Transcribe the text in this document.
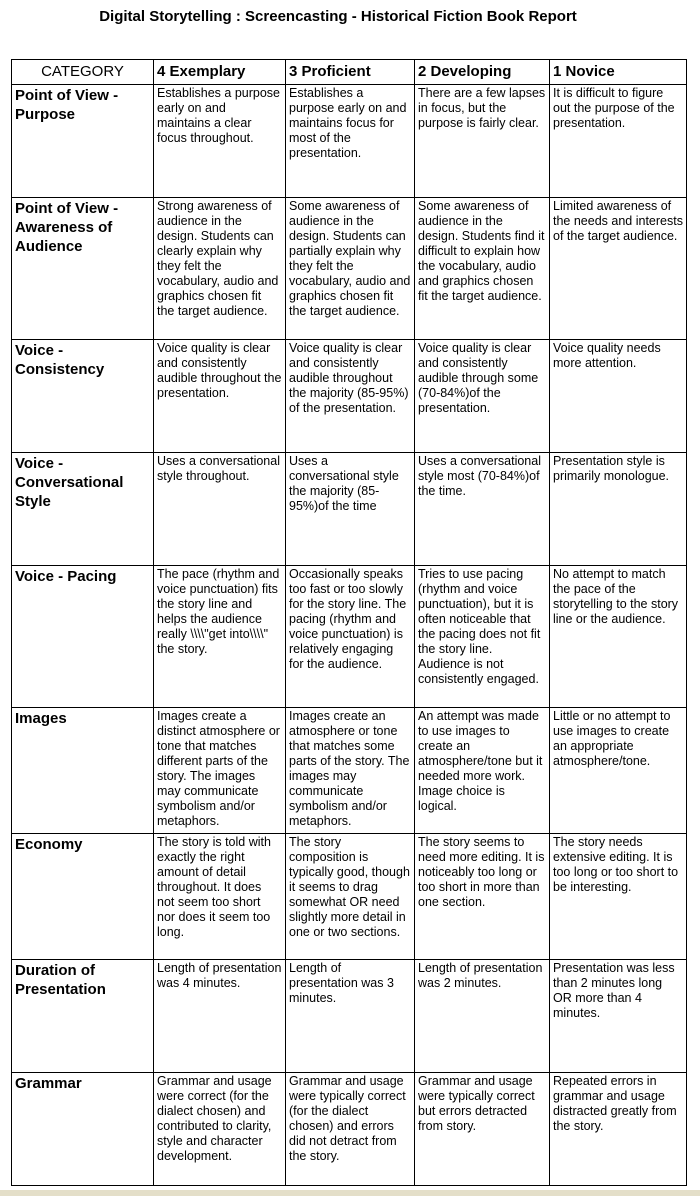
Digital Storytelling : Screencasting - Historical Fiction Book Report
CATEGORY	4 Exemplary	3 Proficient	2 Developing	1 Novice
Point of View - Purpose	Establishes a purpose early on and maintains a clear focus throughout.	Establishes a purpose early on and maintains focus for most of the presentation.	There are a few lapses in focus, but the purpose is fairly clear.	It is difficult to figure out the purpose of the presentation.
Point of View - Awareness of Audience	Strong awareness of audience in the design. Students can clearly explain why they felt the vocabulary, audio and graphics chosen fit the target audience.	Some awareness of audience in the design. Students can partially explain why they felt the vocabulary, audio and graphics chosen fit the target audience.	Some awareness of audience in the design. Students find it difficult to explain how the vocabulary, audio and graphics chosen fit the target audience.	Limited awareness of the needs and interests of the target audience.
Voice - Consistency	Voice quality is clear and consistently audible throughout the presentation.	Voice quality is clear and consistently audible throughout the majority (85-95%) of the presentation.	Voice quality is clear and consistently audible through some (70-84%)of the presentation.	Voice quality needs more attention.
Voice - Conversational Style	Uses a conversational style throughout.	Uses a conversational style the majority (85-95%)of the time	Uses a conversational style most (70-84%)of the time.	Presentation style is primarily monologue.
Voice - Pacing	The pace (rhythm and voice punctuation) fits the story line and helps the audience really \\\\"get into\\\\" the story.	Occasionally speaks too fast or too slowly for the story line. The pacing (rhythm and voice punctuation) is relatively engaging for the audience.	Tries to use pacing (rhythm and voice punctuation), but it is often noticeable that the pacing does not fit the story line. Audience is not consistently engaged.	No attempt to match the pace of the storytelling to the story line or the audience.
Images	Images create a distinct atmosphere or tone that matches different parts of the story. The images may communicate symbolism and/or metaphors.	Images create an atmosphere or tone that matches some parts of the story. The images may communicate symbolism and/or metaphors.	An attempt was made to use images to create an atmosphere/tone but it needed more work. Image choice is logical.	Little or no attempt to use images to create an appropriate atmosphere/tone.
Economy	The story is told with exactly the right amount of detail throughout. It does not seem too short nor does it seem too long.	The story composition is typically good, though it seems to drag somewhat OR need slightly more detail in one or two sections.	The story seems to need more editing. It is noticeably too long or too short in more than one section.	The story needs extensive editing. It is too long or too short to be interesting.
Duration of Presentation	Length of presentation was 4 minutes.	Length of presentation was 3 minutes.	Length of presentation was 2 minutes.	Presentation was less than 2 minutes long OR more than 4 minutes.
Grammar	Grammar and usage were correct (for the dialect chosen) and contributed to clarity, style and character development.	Grammar and usage were typically correct (for the dialect chosen) and errors did not detract from the story.	Grammar and usage were typically correct but errors detracted from story.	Repeated errors in grammar and usage distracted greatly from the story.
